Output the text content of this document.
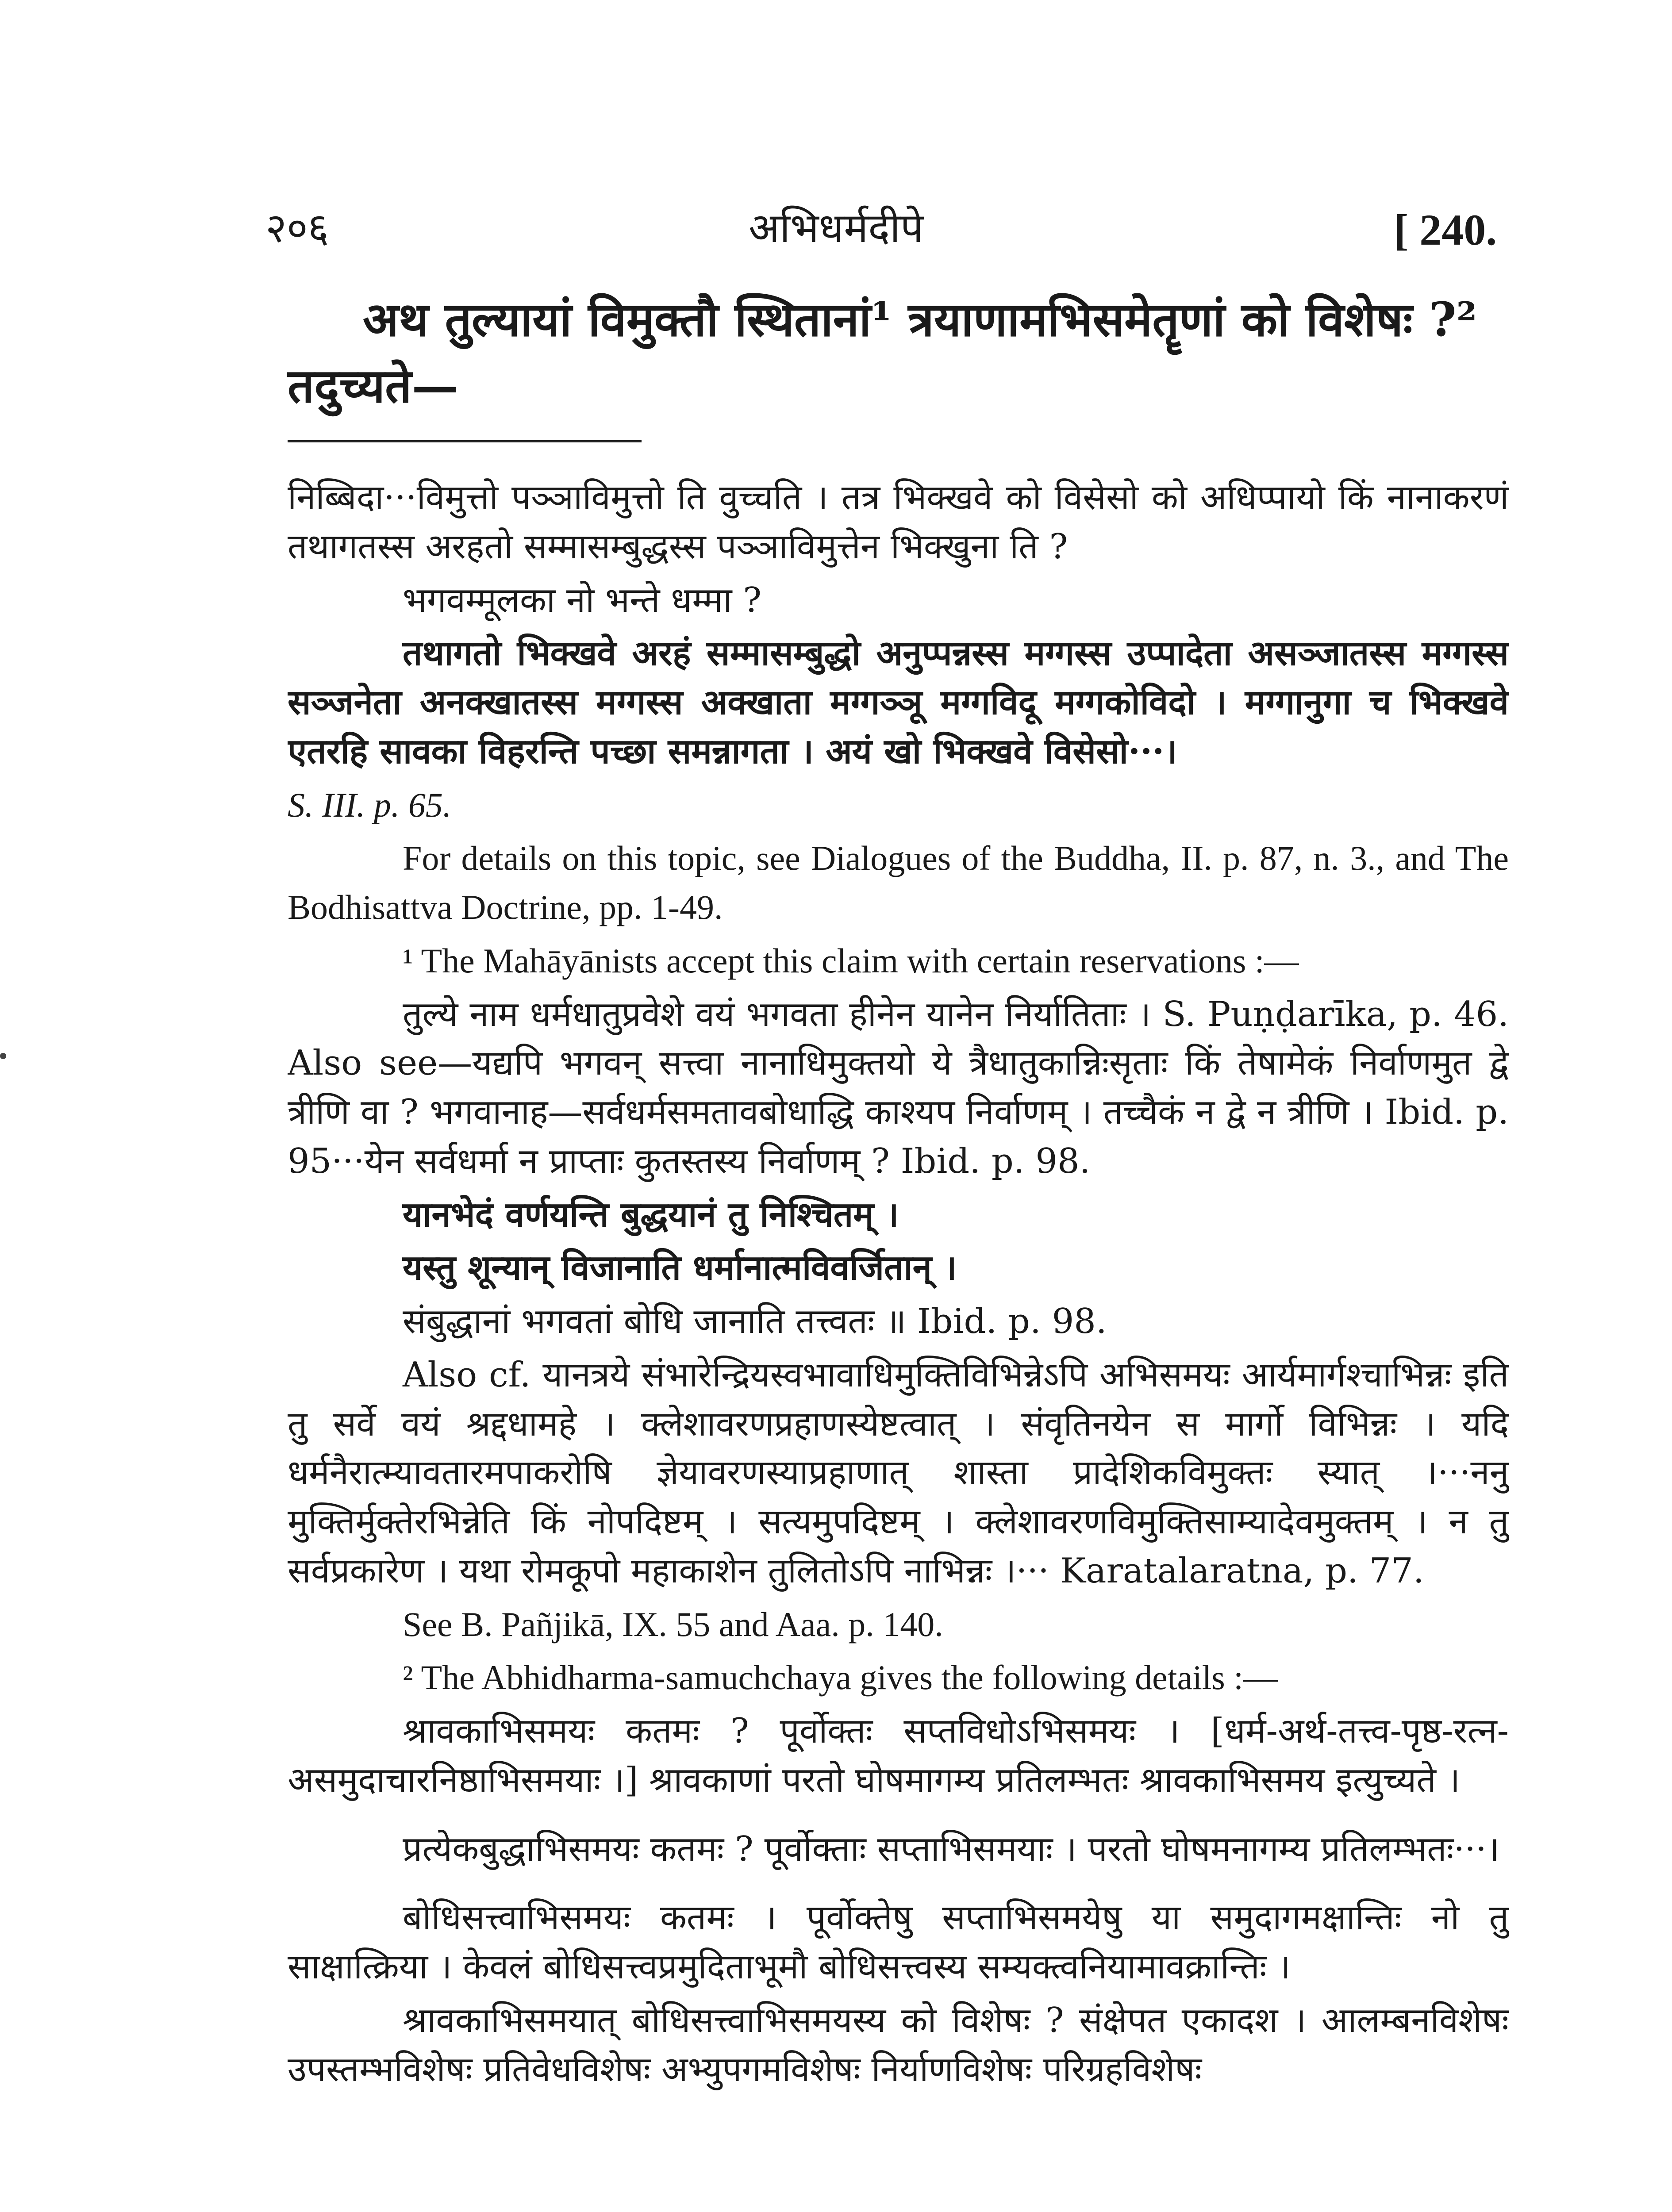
२०६	अभिधर्मदीपे	[ 240.
अथ तुल्यायां विमुक्तौ स्थितानां¹ त्रयाणामभिसमेतॄणां को विशेषः ?²
तदुच्यते—

निब्बिदा···विमुत्तो पञ्ञाविमुत्तो ति वुच्चति । तत्र भिक्खवे को विसेसो को अधिप्पायो किं नानाकरणं तथागतस्स अरहतो सम्मासम्बुद्धस्स पञ्ञाविमुत्तेन भिक्खुना ति ?

भगवम्मूलका नो भन्ते धम्मा ?

तथागतो भिक्खवे अरहं सम्मासम्बुद्धो अनुप्पन्नस्स मग्गस्स उप्पादेता असञ्जातस्स मग्गस्स सञ्जनेता अनक्खातस्स मग्गस्स अक्खाता मग्गञ्ञू मग्गविदू मग्गकोविदो । मग्गानुगा च भिक्खवे एतरहि सावका विहरन्ति पच्छा समन्नागता । अयं खो भिक्खवे विसेसो···।

S. III. p. 65.

For details on this topic, see Dialogues of the Buddha, II. p. 87, n. 3., and The Bodhisattva Doctrine, pp. 1-49.

¹ The Mahāyānists accept this claim with certain reservations :—

तुल्ये नाम धर्मधातुप्रवेशे वयं भगवता हीनेन यानेन निर्यातिताः । S. Puṇḍarīka, p. 46. Also see—यद्यपि भगवन् सत्त्वा नानाधिमुक्तयो ये त्रैधातुकान्निःसृताः किं तेषामेकं निर्वाणमुत द्वे त्रीणि वा ? भगवानाह—सर्वधर्मसमतावबोधाद्धि काश्यप निर्वाणम् । तच्चैकं न द्वे न त्रीणि । Ibid. p. 95···येन सर्वधर्मा न प्राप्ताः कुतस्तस्य निर्वाणम् ? Ibid. p. 98.

यानभेदं वर्णयन्ति बुद्धयानं तु निश्चितम् ।

यस्तु शून्यान् विजानाति धर्मानात्मविवर्जितान् ।

संबुद्धानां भगवतां बोधि जानाति तत्त्वतः ॥ Ibid. p. 98.

Also cf. यानत्रये संभारेन्द्रियस्वभावाधिमुक्तिविभिन्नेऽपि अभिसमयः आर्यमार्गश्चाभिन्नः इति तु सर्वे वयं श्रद्दधामहे । क्लेशावरणप्रहाणस्येष्टत्वात् । संवृतिनयेन स मार्गो विभिन्नः । यदि धर्मनैरात्म्यावतारमपाकरोषि ज्ञेयावरणस्याप्रहाणात् शास्ता प्रादेशिकविमुक्तः स्यात् ।···ननु मुक्तिर्मुक्तेरभिन्नेति किं नोपदिष्टम् । सत्यमुपदिष्टम् । क्लेशावरणविमुक्तिसाम्यादेवमुक्तम् । न तु सर्वप्रकारेण । यथा रोमकूपो महाकाशेन तुलितोऽपि नाभिन्नः ।··· Karatalaratna, p. 77.

See B. Pañjikā, IX. 55 and Aaa. p. 140.

² The Abhidharma-samuchchaya gives the following details :—

श्रावकाभिसमयः कतमः ? पूर्वोक्तः सप्तविधोऽभिसमयः । [धर्म-अर्थ-तत्त्व-पृष्ठ-रत्न-असमुदाचारनिष्ठाभिसमयाः ।] श्रावकाणां परतो घोषमागम्य प्रतिलम्भतः श्रावकाभिसमय इत्युच्यते ।

प्रत्येकबुद्धाभिसमयः कतमः ? पूर्वोक्ताः सप्ताभिसमयाः । परतो घोषमनागम्य प्रतिलम्भतः···।

बोधिसत्त्वाभिसमयः कतमः । पूर्वोक्तेषु सप्ताभिसमयेषु या समुदागमक्षान्तिः नो तु साक्षात्क्रिया । केवलं बोधिसत्त्वप्रमुदिताभूमौ बोधिसत्त्वस्य सम्यक्त्वनियामावक्रान्तिः ।

श्रावकाभिसमयात् बोधिसत्त्वाभिसमयस्य को विशेषः ? संक्षेपत एकादश । आलम्बनविशेषः उपस्तम्भविशेषः प्रतिवेधविशेषः अभ्युपगमविशेषः निर्याणविशेषः परिग्रहविशेषः
